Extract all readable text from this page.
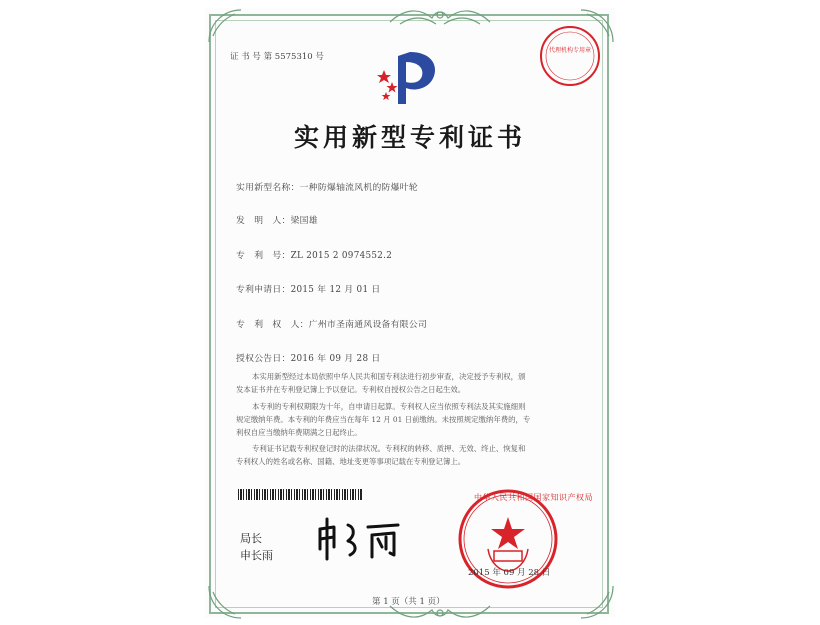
证 书 号 第 5575310 号
代理机构专用章
实用新型专利证书
实用新型名称：一种防爆轴流风机的防爆叶轮
发　明　人：梁国雄
专　利　号：ZL 2015 2 0974552.2
专利申请日：2015 年 12 月 01 日
专　利　权　人：广州市圣南通风设备有限公司
授权公告日：2016 年 09 月 28 日
本实用新型经过本局依照中华人民共和国专利法进行初步审查，决定授予专利权，颁
发本证书并在专利登记簿上予以登记。专利权自授权公告之日起生效。
本专利的专利权期限为十年，自申请日起算。专利权人应当依照专利法及其实施细则
规定缴纳年费。本专利的年费应当在每年 12 月 01 日前缴纳。未按照规定缴纳年费的，专
利权自应当缴纳年费期满之日起终止。
专利证书记载专利权登记时的法律状况。专利权的转移、质押、无效、终止、恢复和
专利权人的姓名或名称、国籍、地址变更等事项记载在专利登记簿上。
局长
申长雨
中华人民共和国国家知识产权局
2015 年 09 月 28 日
第 1 页（共 1 页）
